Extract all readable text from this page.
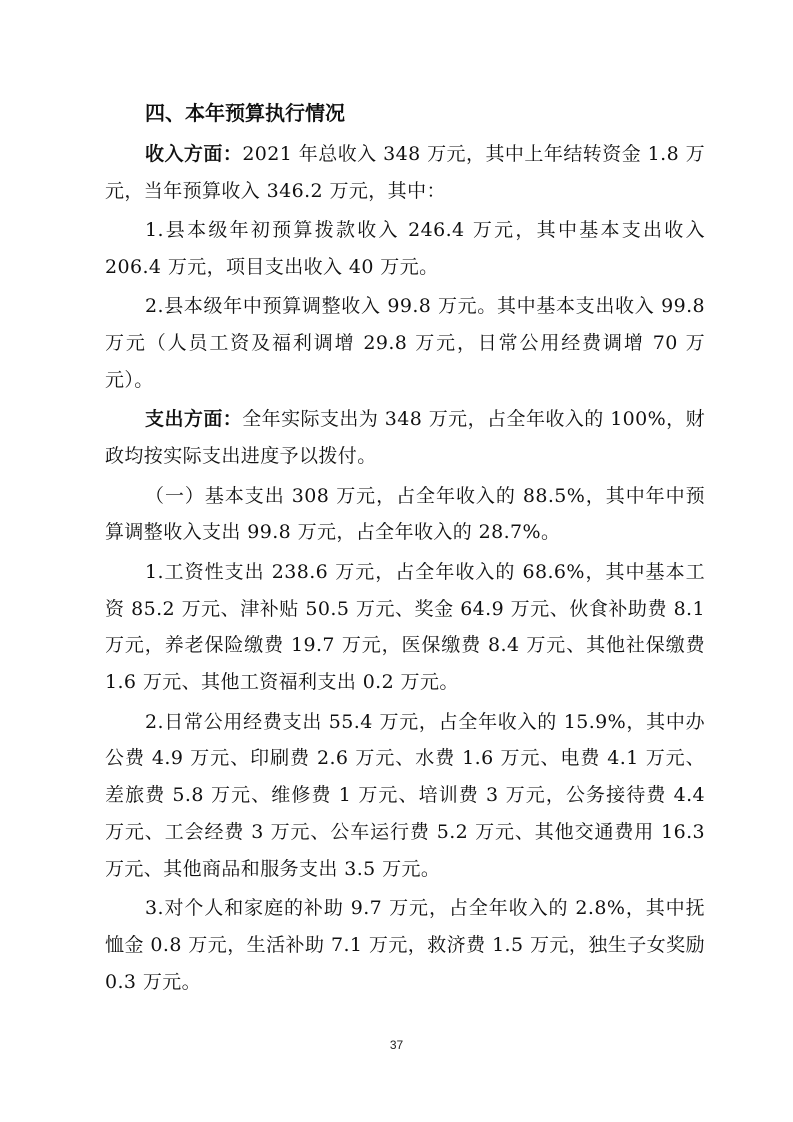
四、本年预算执行情况

收入方面：2021 年总收入 348 万元，其中上年结转资金 1.8 万元，当年预算收入 346.2 万元，其中：

1.县本级年初预算拨款收入 246.4 万元，其中基本支出收入 206.4 万元，项目支出收入 40 万元。

2.县本级年中预算调整收入 99.8 万元。其中基本支出收入 99.8 万元（人员工资及福利调增 29.8 万元，日常公用经费调增 70 万元）。

支出方面：全年实际支出为 348 万元，占全年收入的 100%，财政均按实际支出进度予以拨付。

（一）基本支出 308 万元，占全年收入的 88.5%，其中年中预算调整收入支出 99.8 万元，占全年收入的 28.7%。

1.工资性支出 238.6 万元，占全年收入的 68.6%，其中基本工资 85.2 万元、津补贴 50.5 万元、奖金 64.9 万元、伙食补助费 8.1 万元，养老保险缴费 19.7 万元，医保缴费 8.4 万元、其他社保缴费 1.6 万元、其他工资福利支出 0.2 万元。

2.日常公用经费支出 55.4 万元，占全年收入的 15.9%，其中办公费 4.9 万元、印刷费 2.6 万元、水费 1.6 万元、电费 4.1 万元、差旅费 5.8 万元、维修费 1 万元、培训费 3 万元，公务接待费 4.4 万元、工会经费 3 万元、公车运行费 5.2 万元、其他交通费用 16.3 万元、其他商品和服务支出 3.5 万元。

3.对个人和家庭的补助 9.7 万元，占全年收入的 2.8%，其中抚恤金 0.8 万元，生活补助 7.1 万元，救济费 1.5 万元，独生子女奖励 0.3 万元。

37
